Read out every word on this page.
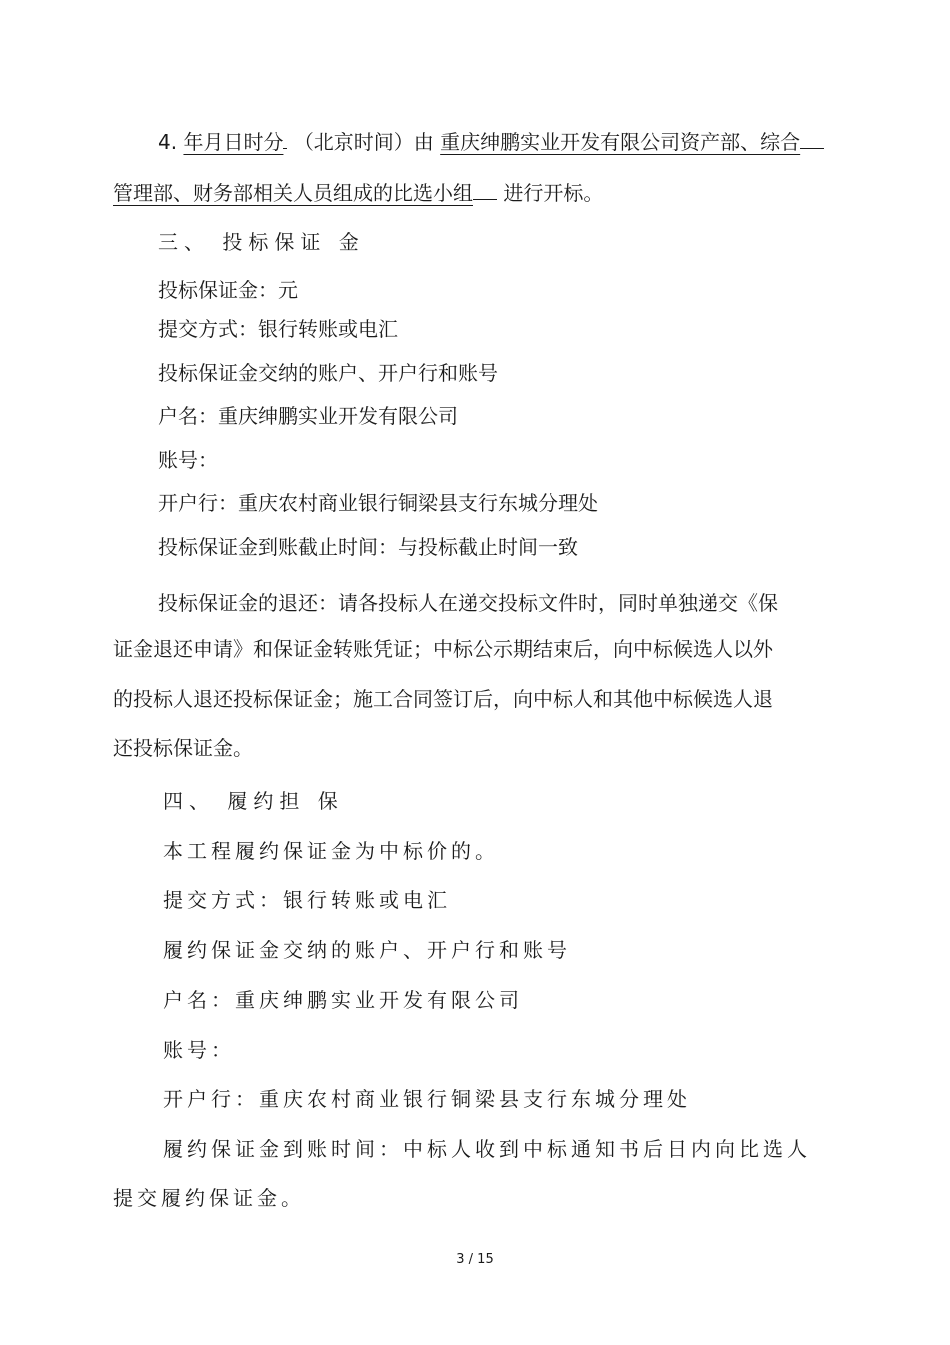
4. 年月日时分 （北京时间）由 重庆绅鹏实业开发有限公司资产部、综合
管理部、财务部相关人员组成的比选小组 进行开标。
三、 投标保证 金
投标保证金：元
提交方式：银行转账或电汇
投标保证金交纳的账户、开户行和账号
户名：重庆绅鹏实业开发有限公司
账号：
开户行：重庆农村商业银行铜梁县支行东城分理处
投标保证金到账截止时间：与投标截止时间一致
投标保证金的退还：请各投标人在递交投标文件时，同时单独递交《保
证金退还申请》和保证金转账凭证；中标公示期结束后，向中标候选人以外
的投标人退还投标保证金；施工合同签订后，向中标人和其他中标候选人退
还投标保证金。
四、 履约担 保
本工程履约保证金为中标价的。
提交方式：银行转账或电汇
履约保证金交纳的账户、开户行和账号
户名：重庆绅鹏实业开发有限公司
账号：
开户行：重庆农村商业银行铜梁县支行东城分理处
履约保证金到账时间：中标人收到中标通知书后日内向比选人
提交履约保证金。
3 / 15
